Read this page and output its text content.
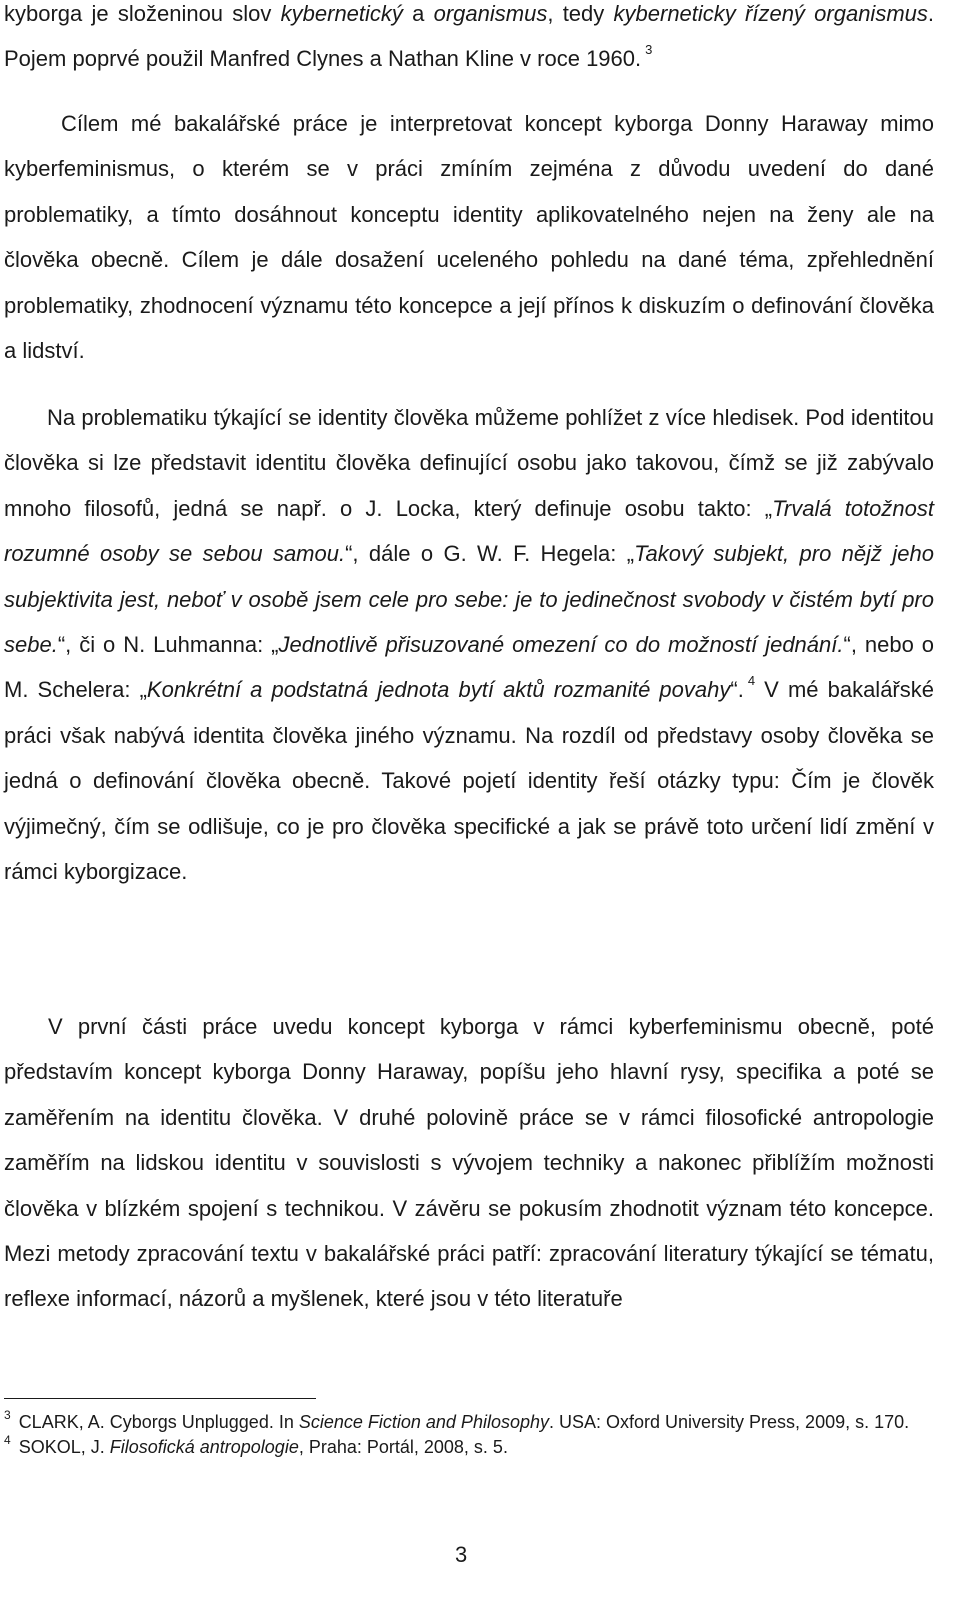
kyborga je složeninou slov kybernetický a organismus, tedy kyberneticky řízený organismus. Pojem poprvé použil Manfred Clynes a Nathan Kline v roce 1960. $^3$

Cílem mé bakalářské práce je interpretovat koncept kyborga Donny Haraway mimo kyberfeminismus, o kterém se v práci zmíním zejména z důvodu uvedení do dané problematiky, a tímto dosáhnout konceptu identity aplikovatelného nejen na ženy ale na člověka obecně. Cílem je dále dosažení uceleného pohledu na dané téma, zpřehlednění problematiky, zhodnocení významu této koncepce a její přínos k diskuzím o definování člověka a lidství.

Na problematiku týkající se identity člověka můžeme pohlížet z více hledisek. Pod identitou člověka si lze představit identitu člověka definující osobu jako takovou, čímž se již zabývalo mnoho filosofů, jedná se např. o J. Locka, který definuje osobu takto: „Trvalá totožnost rozumné osoby se sebou samou.“, dále o G. W. F. Hegela: „Takový subjekt, pro nějž jeho subjektivita jest, neboť v osobě jsem cele pro sebe: je to jedinečnost svobody v čistém bytí pro sebe.“, či o N. Luhmanna: „Jednotlivě přisuzované omezení co do možností jednání.“, nebo o M. Schelera: „Konkrétní a podstatná jednota bytí aktů rozmanité povahy“. $^4$ V mé bakalářské práci však nabývá identita člověka jiného významu. Na rozdíl od představy osoby člověka se jedná o definování člověka obecně. Takové pojetí identity řeší otázky typu: Čím je člověk výjimečný, čím se odlišuje, co je pro člověka specifické a jak se právě toto určení lidí změní v rámci kyborgizace.

V první části práce uvedu koncept kyborga v rámci kyberfeminismu obecně, poté představím koncept kyborga Donny Haraway, popíšu jeho hlavní rysy, specifika a poté se zaměřením na identitu člověka. V druhé polovině práce se v rámci filosofické antropologie zaměřím na lidskou identitu v souvislosti s vývojem techniky a nakonec přiblížím možnosti člověka v blízkém spojení s technikou. V závěru se pokusím zhodnotit význam této koncepce. Mezi metody zpracování textu v bakalářské práci patří: zpracování literatury týkající se tématu, reflexe informací, názorů a myšlenek, které jsou v této literatuře

$^3$ CLARK, A. Cyborgs Unplugged. In Science Fiction and Philosophy. USA: Oxford University Press, 2009, s. 170.

$^4$ SOKOL, J. Filosofická antropologie, Praha: Portál, 2008, s. 5.

3
